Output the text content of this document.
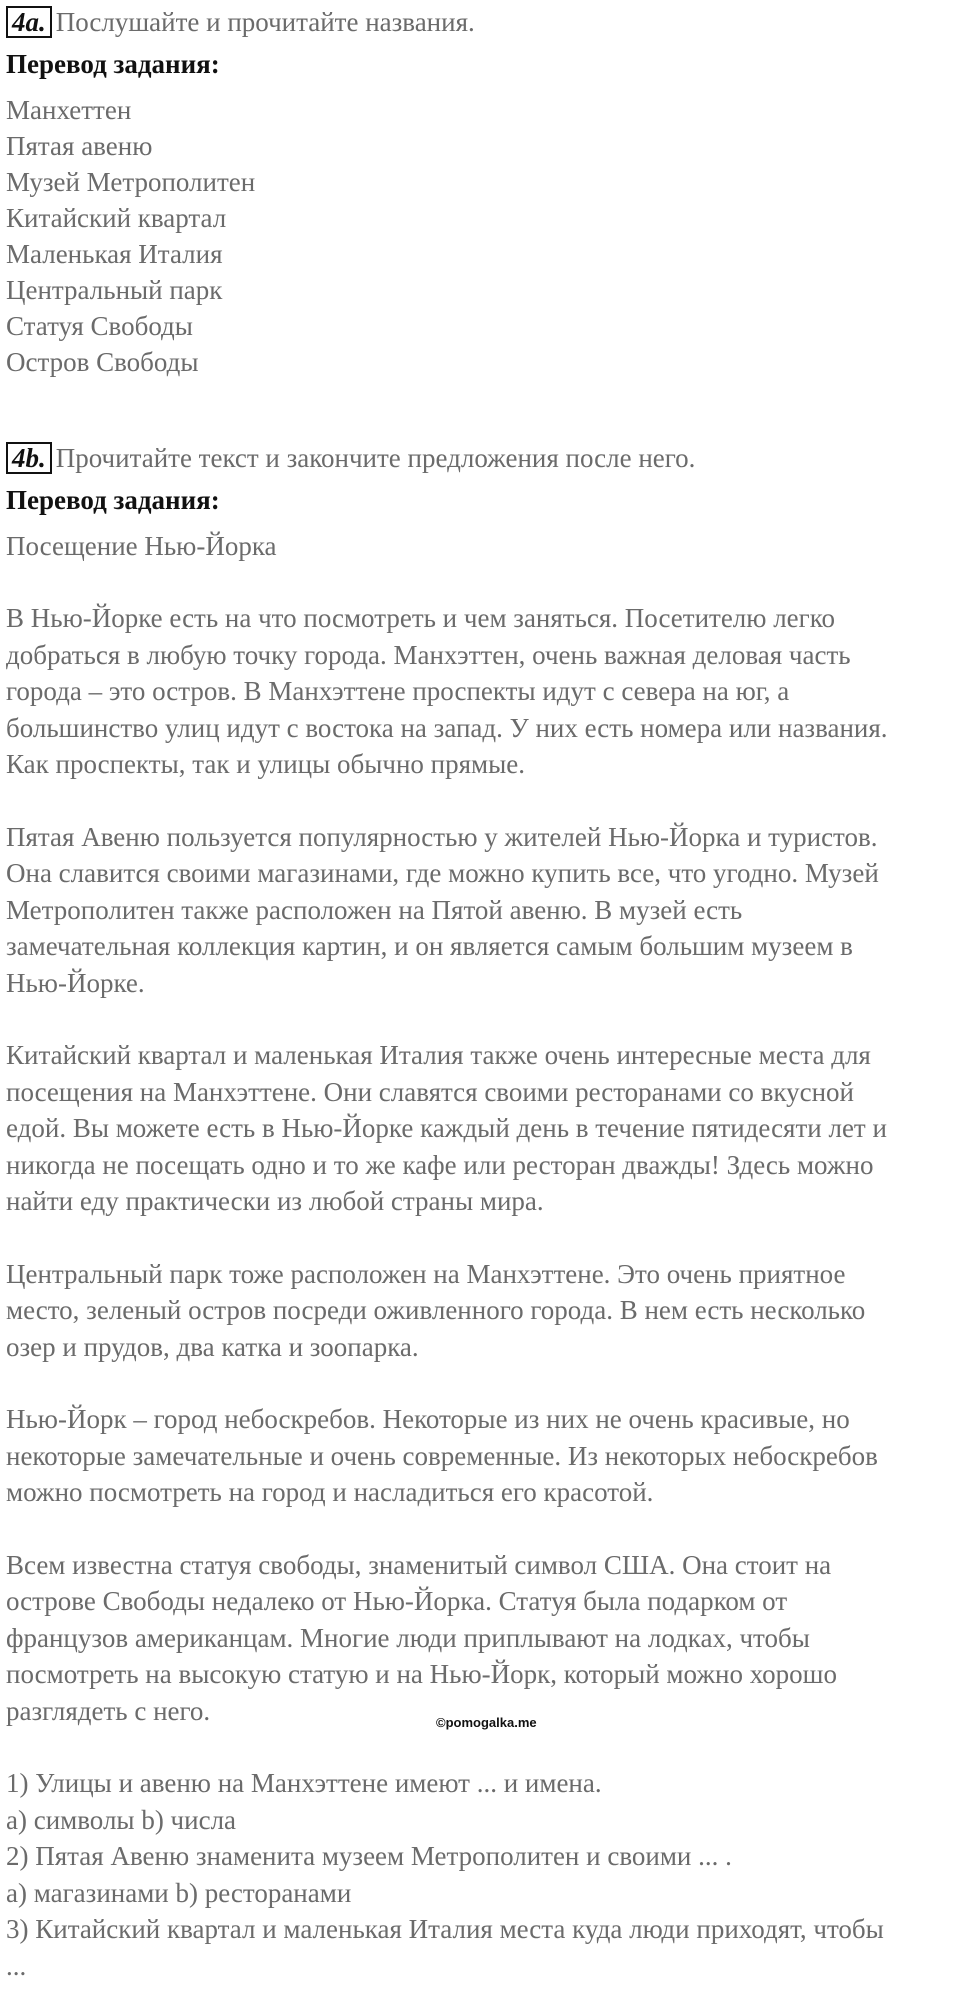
4a. Послушайте и прочитайте названия.
Перевод задания:
Манхеттен
Пятая авеню
Музей Метрополитен
Китайский квартал
Маленькая Италия
Центральный парк
Статуя Свободы
Остров Свободы
4b. Прочитайте текст и закончите предложения после него.
Перевод задания:
Посещение Нью-Йорка
В Нью-Йорке есть на что посмотреть и чем заняться. Посетителю легко
добраться в любую точку города. Манхэттен, очень важная деловая часть
города – это остров. В Манхэттене проспекты идут с севера на юг, а
большинство улиц идут с востока на запад. У них есть номера или названия.
Как проспекты, так и улицы обычно прямые.
Пятая Авеню пользуется популярностью у жителей Нью-Йорка и туристов.
Она славится своими магазинами, где можно купить все, что угодно. Музей
Метрополитен также расположен на Пятой авеню. В музей есть
замечательная коллекция картин, и он является самым большим музеем в
Нью-Йорке.
Китайский квартал и маленькая Италия также очень интересные места для
посещения на Манхэттене. Они славятся своими ресторанами со вкусной
едой. Вы можете есть в Нью-Йорке каждый день в течение пятидесяти лет и
никогда не посещать одно и то же кафе или ресторан дважды! Здесь можно
найти еду практически из любой страны мира.
Центральный парк тоже расположен на Манхэттене. Это очень приятное
место, зеленый остров посреди оживленного города. В нем есть несколько
озер и прудов, два катка и зоопарка.
Нью-Йорк – город небоскребов. Некоторые из них не очень красивые, но
некоторые замечательные и очень современные. Из некоторых небоскребов
можно посмотреть на город и насладиться его красотой.
Всем известна статуя свободы, знаменитый символ США. Она стоит на
острове Свободы недалеко от Нью-Йорка. Статуя была подарком от
французов американцам. Многие люди приплывают на лодках, чтобы
посмотреть на высокую статую и на Нью-Йорк, который можно хорошо
разглядеть с него.
1) Улицы и авеню на Манхэттене имеют ... и имена.
a) символы b) числа
2) Пятая Авеню знаменита музеем Метрополитен и своими ... .
a) магазинами b) ресторанами
3) Китайский квартал и маленькая Италия места куда люди приходят, чтобы
...
©pomogalka.me
